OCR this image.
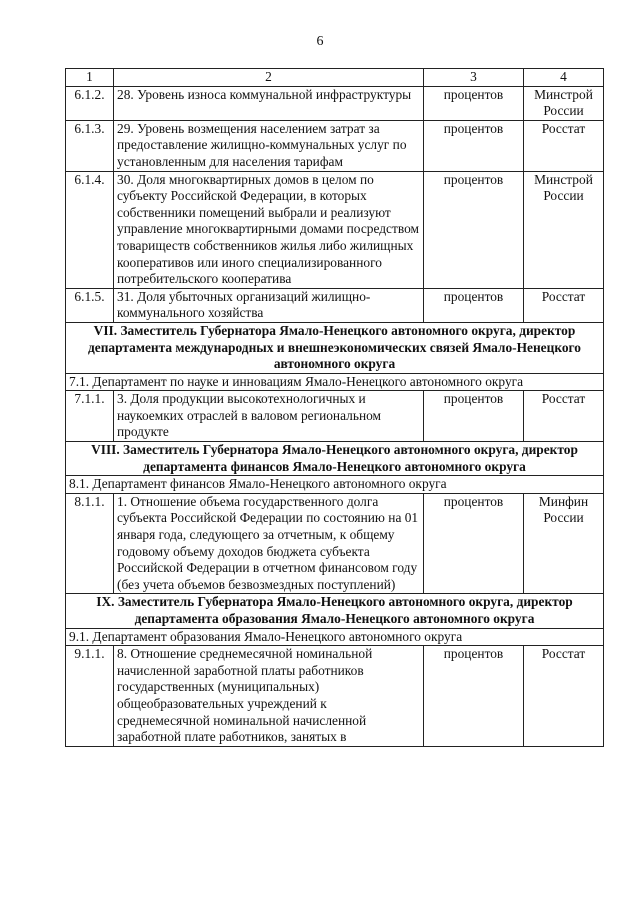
6
1	2	3	4
6.1.2.	28. Уровень износа коммунальной инфраструктуры	процентов	Минстрой России
6.1.3.	29. Уровень возмещения населением затрат за предоставление жилищно-коммунальных услуг по установленным для населения тарифам	процентов	Росстат
6.1.4.	30. Доля многоквартирных домов в целом по субъекту Российской Федерации, в которых собственники помещений выбрали и реализуют управление многоквартирными домами посредством товариществ собственников жилья либо жилищных кооперативов или иного специализированного потребительского кооператива	процентов	Минстрой России
6.1.5.	31. Доля убыточных организаций жилищно-коммунального хозяйства	процентов	Росстат
VII. Заместитель Губернатора Ямало-Ненецкого автономного округа, директор департамента международных и внешнеэкономических связей Ямало-Ненецкого автономного округа			
7.1. Департамент по науке и инновациям Ямало-Ненецкого автономного округа			
7.1.1.	3. Доля продукции высокотехнологичных и наукоемких отраслей в валовом региональном продукте	процентов	Росстат
VIII. Заместитель Губернатора Ямало-Ненецкого автономного округа, директор департамента финансов Ямало-Ненецкого автономного округа			
8.1. Департамент финансов Ямало-Ненецкого автономного округа			
8.1.1.	1. Отношение объема государственного долга субъекта Российской Федерации по состоянию на 01 января года, следующего за отчетным, к общему годовому объему доходов бюджета субъекта Российской Федерации в отчетном финансовом году (без учета объемов безвозмездных поступлений)	процентов	Минфин России
IX. Заместитель Губернатора Ямало-Ненецкого автономного округа, директор департамента образования Ямало-Ненецкого автономного округа			
9.1. Департамент образования Ямало-Ненецкого автономного округа			
9.1.1.	8. Отношение среднемесячной номинальной начисленной заработной платы работников государственных (муниципальных) общеобразовательных учреждений к среднемесячной номинальной начисленной заработной плате работников, занятых в	процентов	Росстат
